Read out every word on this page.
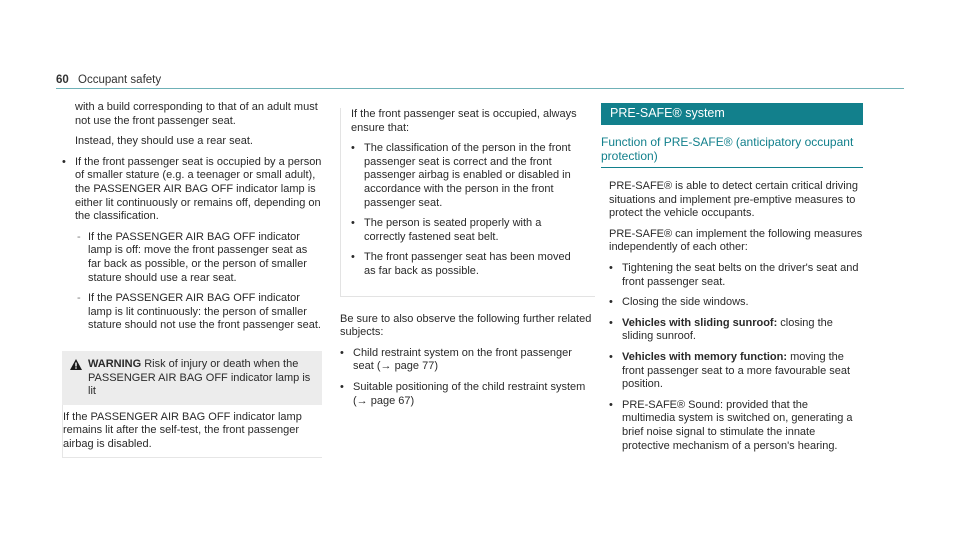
60 Occupant safety

with a build corresponding to that of an adult must not use the front passenger seat.

Instead, they should use a rear seat.

• If the front passenger seat is occupied by a person of smaller stature (e.g. a teenager or small adult), the PASSENGER AIR BAG OFF indicator lamp is either lit continuously or remains off, depending on the classification.
- If the PASSENGER AIR BAG OFF indicator lamp is off: move the front passenger seat as far back as possible, or the person of smaller stature should use a rear seat.
- If the PASSENGER AIR BAG OFF indicator lamp is lit continuously: the person of smaller stature should not use the front passenger seat.
WARNING Risk of injury or death when the PASSENGER AIR BAG OFF indicator lamp is lit
If the PASSENGER AIR BAG OFF indicator lamp remains lit after the self-test, the front passenger airbag is disabled.

If the front passenger seat is occupied, always ensure that:

• The classification of the person in the front passenger seat is correct and the front passenger airbag is enabled or disabled in accordance with the person in the front passenger seat.
• The person is seated properly with a correctly fastened seat belt.
• The front passenger seat has been moved as far back as possible.

Be sure to also observe the following further related subjects:

• Child restraint system on the front passenger seat (→ page 77)
• Suitable positioning of the child restraint system (→ page 67)
PRE-SAFE® system
Function of PRE-SAFE® (anticipatory occupant protection)

PRE-SAFE® is able to detect certain critical driving situations and implement pre-emptive measures to protect the vehicle occupants.

PRE-SAFE® can implement the following measures independently of each other:

• Tightening the seat belts on the driver's seat and front passenger seat.
• Closing the side windows.
• Vehicles with sliding sunroof: closing the sliding sunroof.
• Vehicles with memory function: moving the front passenger seat to a more favourable seat position.
• PRE-SAFE® Sound: provided that the multimedia system is switched on, generating a brief noise signal to stimulate the innate protective mechanism of a person's hearing.
